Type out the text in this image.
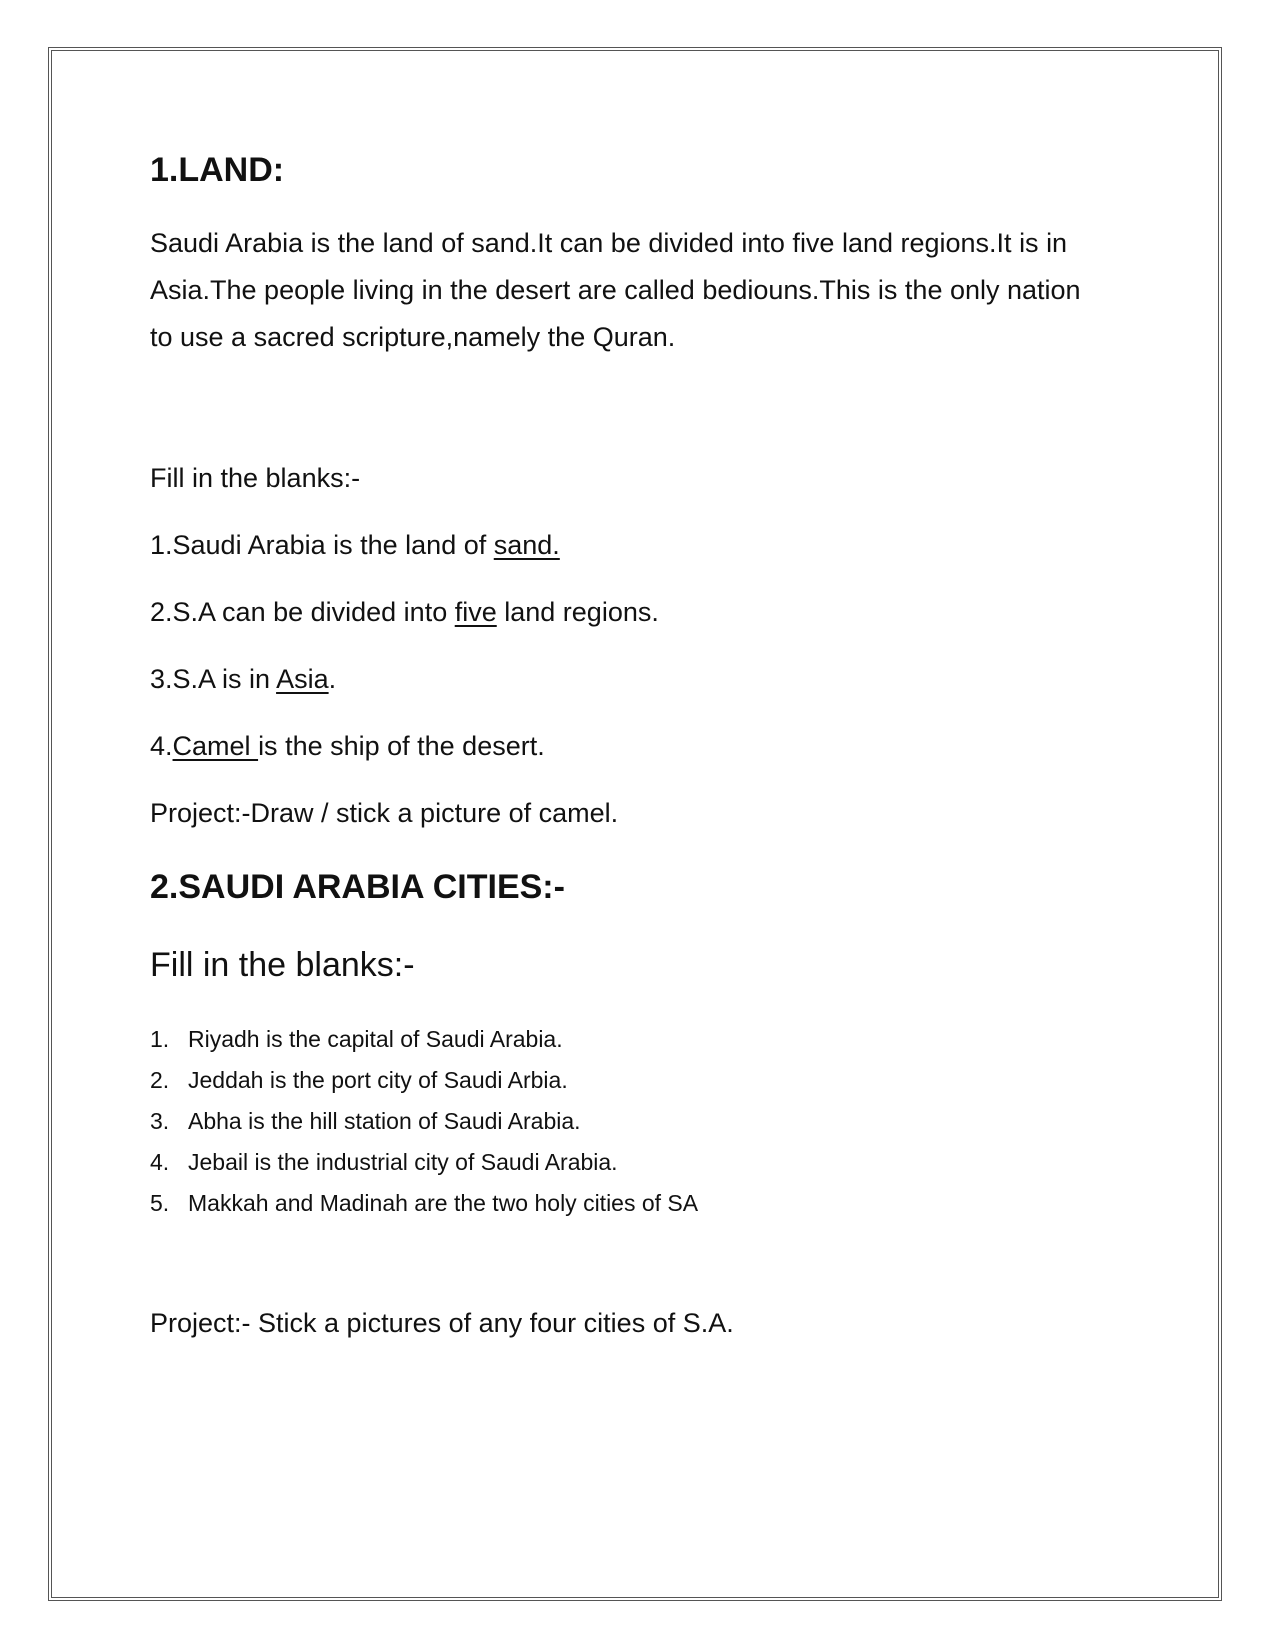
1.LAND:

Saudi Arabia is the land of sand.It can be divided into five land regions.It is in Asia.The people living in the desert are called bediouns.This is the only nation to use a sacred scripture,namely the Quran.

Fill in the blanks:-

1.Saudi Arabia is the land of sand.

2.S.A can be divided into five land regions.

3.S.A is in Asia.

4.Camel is the ship of the desert.

Project:-Draw / stick a picture of camel.

2.SAUDI ARABIA CITIES:-

Fill in the blanks:-

1. Riyadh is the capital of Saudi Arabia.
2. Jeddah is the port city of Saudi Arbia.
3. Abha is the hill station of Saudi Arabia.
4. Jebail is the industrial city of Saudi Arabia.
5. Makkah and Madinah are the two holy cities of SA

Project:- Stick a pictures of any four cities of S.A.
